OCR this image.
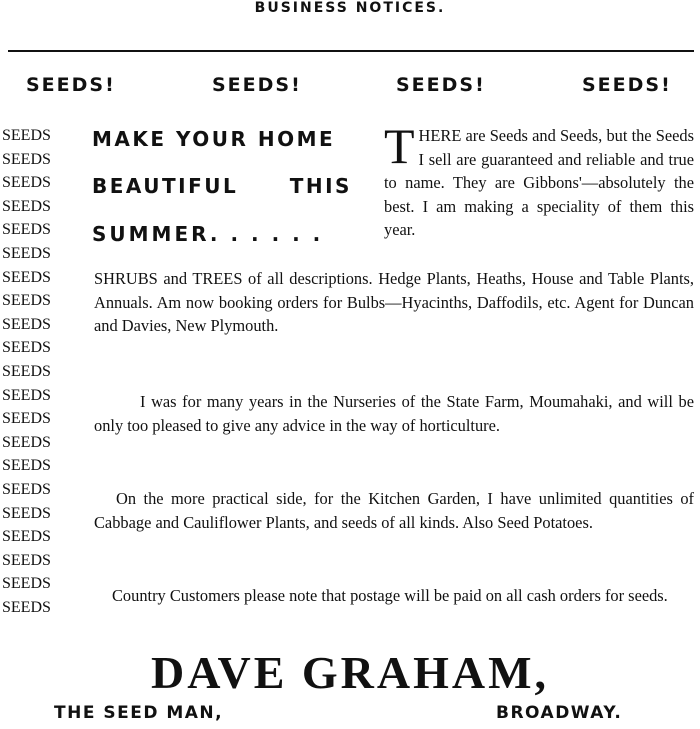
BUSINESS NOTICES.
SEEDS!	SEEDS!	SEEDS!	SEEDS!
SEEDS
SEEDS
SEEDS
SEEDS
SEEDS
SEEDS
SEEDS
SEEDS
SEEDS
SEEDS
SEEDS
SEEDS
SEEDS
SEEDS
SEEDS
SEEDS
SEEDS
SEEDS
SEEDS
SEEDS
SEEDS
MAKE YOUR HOME
BEAUTIFUL THIS
SUMMER. . . . . .

THERE are Seeds and Seeds, but the Seeds I sell are guaranteed and reliable and true to name. They are Gibbons'—absolutely the best. I am making a speciality of them this year.

SHRUBS and TREES of all descriptions. Hedge Plants, Heaths, House and Table Plants, Annuals. Am now booking orders for Bulbs—Hyacinths, Daffodils, etc. Agent for Duncan and Davies, New Plymouth.

I was for many years in the Nurseries of the State Farm, Moumahaki, and will be only too pleased to give any advice in the way of horticulture.

On the more practical side, for the Kitchen Garden, I have unlimited quantities of Cabbage and Cauliflower Plants, and seeds of all kinds. Also Seed Potatoes.

Country Customers please note that postage will be paid on all cash orders for seeds.

DAVE GRAHAM,
THE SEED MAN,	BROADWAY.
